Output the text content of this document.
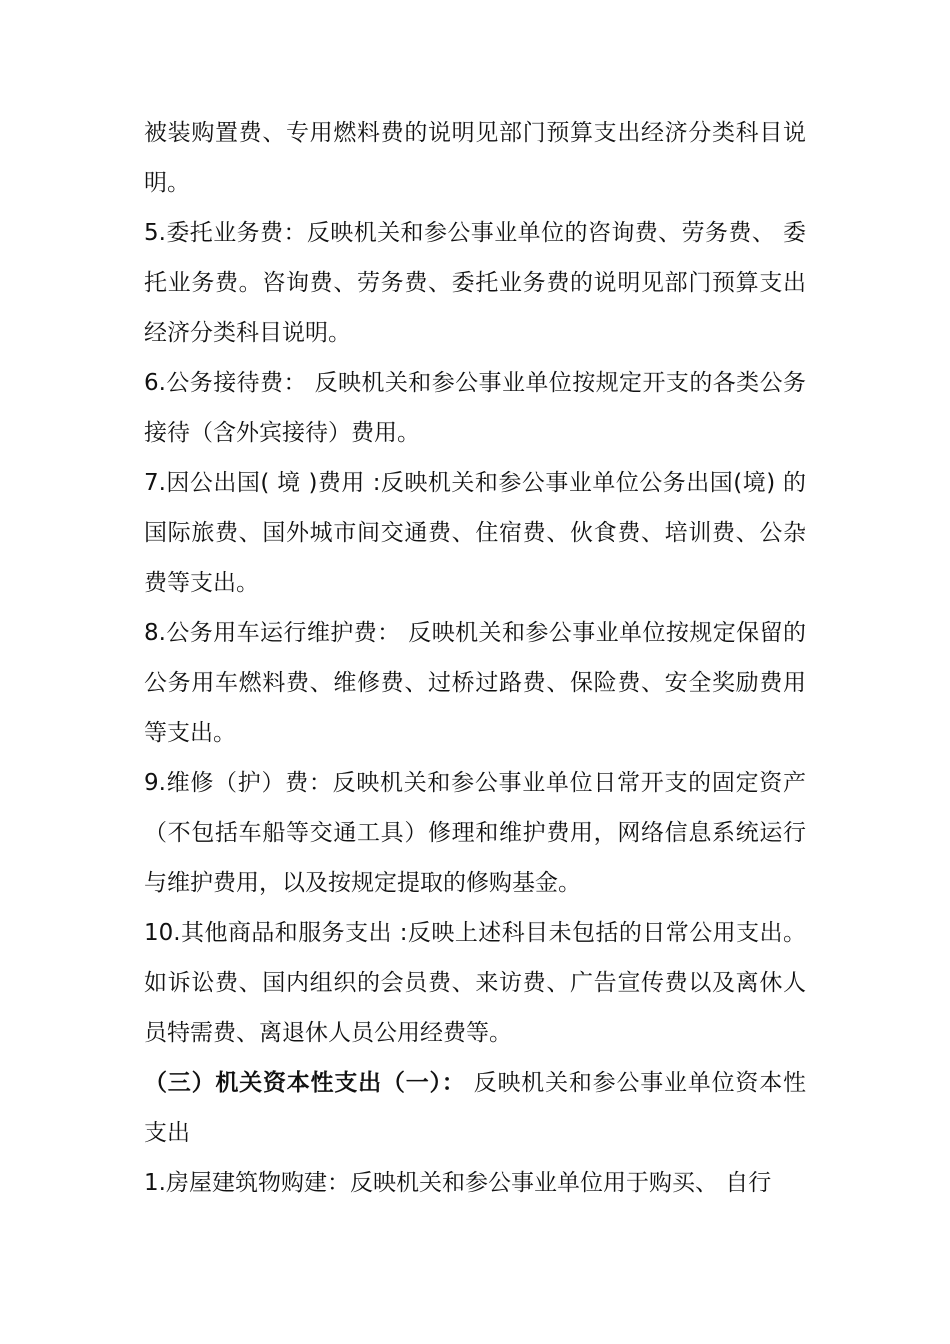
被装购置费、专用燃料费的说明见部门预算支出经济分类科目说明。

5.委托业务费：反映机关和参公事业单位的咨询费、劳务费、 委托业务费。咨询费、劳务费、委托业务费的说明见部门预算支出经济分类科目说明。

6.公务接待费： 反映机关和参公事业单位按规定开支的各类公务接待（含外宾接待）费用。

7.因公出国( 境 )费用 :反映机关和参公事业单位公务出国(境) 的国际旅费、国外城市间交通费、住宿费、伙食费、培训费、公杂费等支出。

8.公务用车运行维护费： 反映机关和参公事业单位按规定保留的公务用车燃料费、维修费、过桥过路费、保险费、安全奖励费用等支出。

9.维修（护）费：反映机关和参公事业单位日常开支的固定资产（不包括车船等交通工具）修理和维护费用，网络信息系统运行与维护费用，以及按规定提取的修购基金。

10.其他商品和服务支出 :反映上述科目未包括的日常公用支出。如诉讼费、国内组织的会员费、来访费、广告宣传费以及离休人员特需费、离退休人员公用经费等。

（三）机关资本性支出（一）： 反映机关和参公事业单位资本性支出

1.房屋建筑物购建：反映机关和参公事业单位用于购买、 自行
